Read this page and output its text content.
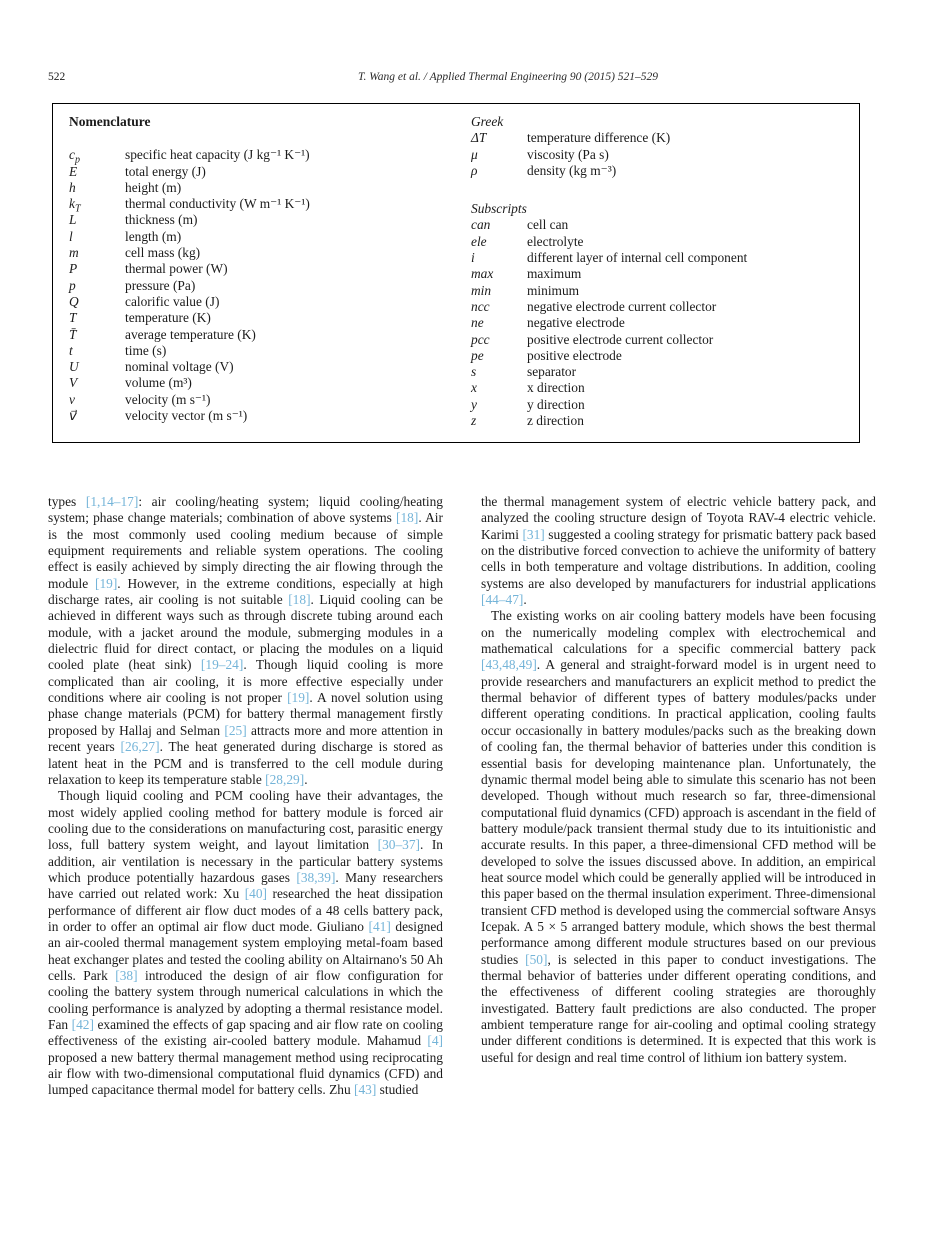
522	T. Wang et al. / Applied Thermal Engineering 90 (2015) 521–529
Nomenclature
$c_p$	specific heat capacity (J kg⁻¹ K⁻¹)
E	total energy (J)
h	height (m)
$k_T$	thermal conductivity (W m⁻¹ K⁻¹)
L	thickness (m)
l	length (m)
m	cell mass (kg)
P	thermal power (W)
p	pressure (Pa)
Q	calorific value (J)
T	temperature (K)
T̄	average temperature (K)
t	time (s)
U	nominal voltage (V)
V	volume (m³)
v	velocity (m s⁻¹)
v⃗	velocity vector (m s⁻¹)
Greek
ΔT	temperature difference (K)
μ	viscosity (Pa s)
ρ	density (kg m⁻³)
Subscripts
can	cell can
ele	electrolyte
i	different layer of internal cell component
max	maximum
min	minimum
ncc	negative electrode current collector
ne	negative electrode
pcc	positive electrode current collector
pe	positive electrode
s	separator
x	x direction
y	y direction
z	z direction

types [1,14–17]: air cooling/heating system; liquid cooling/heating system; phase change materials; combination of above systems [18]. Air is the most commonly used cooling medium because of simple equipment requirements and reliable system operations. The cooling effect is easily achieved by simply directing the air flowing through the module [19]. However, in the extreme conditions, especially at high discharge rates, air cooling is not suitable [18]. Liquid cooling can be achieved in different ways such as through discrete tubing around each module, with a jacket around the module, submerging modules in a dielectric fluid for direct contact, or placing the modules on a liquid cooled plate (heat sink) [19–24]. Though liquid cooling is more complicated than air cooling, it is more effective especially under conditions where air cooling is not proper [19]. A novel solution using phase change materials (PCM) for battery thermal management firstly proposed by Hallaj and Selman [25] attracts more and more attention in recent years [26,27]. The heat generated during discharge is stored as latent heat in the PCM and is transferred to the cell module during relaxation to keep its temperature stable [28,29].

Though liquid cooling and PCM cooling have their advantages, the most widely applied cooling method for battery module is forced air cooling due to the considerations on manufacturing cost, parasitic energy loss, full battery system weight, and layout limitation [30–37]. In addition, air ventilation is necessary in the particular battery systems which produce potentially hazardous gases [38,39]. Many researchers have carried out related work: Xu [40] researched the heat dissipation performance of different air flow duct modes of a 48 cells battery pack, in order to offer an optimal air flow duct mode. Giuliano [41] designed an air-cooled thermal management system employing metal-foam based heat exchanger plates and tested the cooling ability on Altairnano's 50 Ah cells. Park [38] introduced the design of air flow configuration for cooling the battery system through numerical calculations in which the cooling performance is analyzed by adopting a thermal resistance model. Fan [42] examined the effects of gap spacing and air flow rate on cooling effectiveness of the existing air-cooled battery module. Mahamud [4] proposed a new battery thermal management method using reciprocating air flow with two-dimensional computational fluid dynamics (CFD) and lumped capacitance thermal model for battery cells. Zhu [43] studied

the thermal management system of electric vehicle battery pack, and analyzed the cooling structure design of Toyota RAV-4 electric vehicle. Karimi [31] suggested a cooling strategy for prismatic battery pack based on the distributive forced convection to achieve the uniformity of battery cells in both temperature and voltage distributions. In addition, cooling systems are also developed by manufacturers for industrial applications [44–47].

The existing works on air cooling battery models have been focusing on the numerically modeling complex with electrochemical and mathematical calculations for a specific commercial battery pack [43,48,49]. A general and straight-forward model is in urgent need to provide researchers and manufacturers an explicit method to predict the thermal behavior of different types of battery modules/packs under different operating conditions. In practical application, cooling faults occur occasionally in battery modules/packs such as the breaking down of cooling fan, the thermal behavior of batteries under this condition is essential basis for developing maintenance plan. Unfortunately, the dynamic thermal model being able to simulate this scenario has not been developed. Though without much research so far, three-dimensional computational fluid dynamics (CFD) approach is ascendant in the field of battery module/pack transient thermal study due to its intuitionistic and accurate results. In this paper, a three-dimensional CFD method will be developed to solve the issues discussed above. In addition, an empirical heat source model which could be generally applied will be introduced in this paper based on the thermal insulation experiment. Three-dimensional transient CFD method is developed using the commercial software Ansys Icepak. A 5 × 5 arranged battery module, which shows the best thermal performance among different module structures based on our previous studies [50], is selected in this paper to conduct investigations. The thermal behavior of batteries under different operating conditions, and the effectiveness of different cooling strategies are thoroughly investigated. Battery fault predictions are also conducted. The proper ambient temperature range for air-cooling and optimal cooling strategy under different conditions is determined. It is expected that this work is useful for design and real time control of lithium ion battery system.
